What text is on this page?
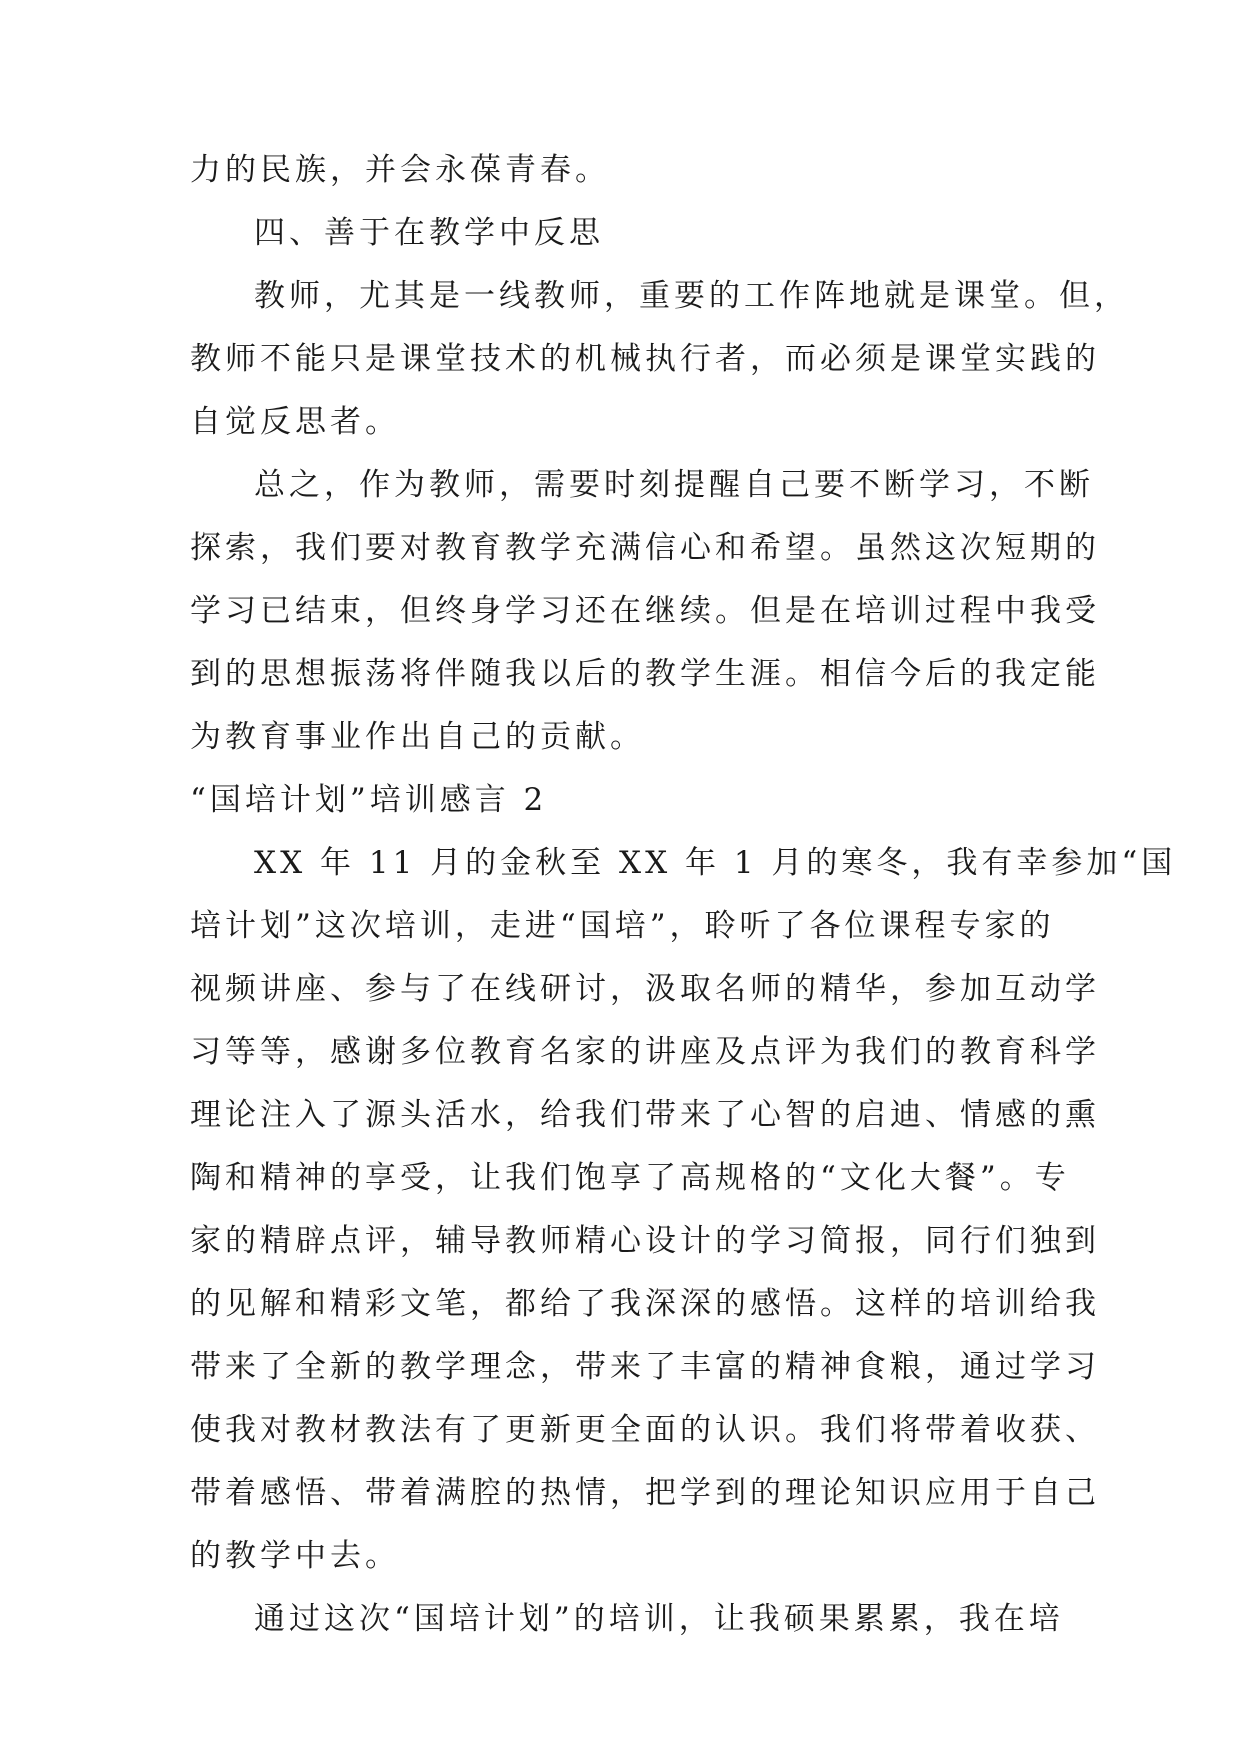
力的民族，并会永葆青春。
四、善于在教学中反思
教师，尤其是一线教师，重要的工作阵地就是课堂。但，
教师不能只是课堂技术的机械执行者，而必须是课堂实践的
自觉反思者。
总之，作为教师，需要时刻提醒自己要不断学习，不断
探索，我们要对教育教学充满信心和希望。虽然这次短期的
学习已结束，但终身学习还在继续。但是在培训过程中我受
到的思想振荡将伴随我以后的教学生涯。相信今后的我定能
为教育事业作出自己的贡献。
“国培计划”培训感言 2
XX 年 11 月的金秋至 XX 年 1 月的寒冬，我有幸参加“国
培计划”这次培训，走进“国培”，聆听了各位课程专家的
视频讲座、参与了在线研讨，汲取名师的精华，参加互动学
习等等，感谢多位教育名家的讲座及点评为我们的教育科学
理论注入了源头活水，给我们带来了心智的启迪、情感的熏
陶和精神的享受，让我们饱享了高规格的“文化大餐”。专
家的精辟点评，辅导教师精心设计的学习简报，同行们独到
的见解和精彩文笔，都给了我深深的感悟。这样的培训给我
带来了全新的教学理念，带来了丰富的精神食粮，通过学习
使我对教材教法有了更新更全面的认识。我们将带着收获、
带着感悟、带着满腔的热情，把学到的理论知识应用于自己
的教学中去。
通过这次“国培计划”的培训，让我硕果累累，我在培
